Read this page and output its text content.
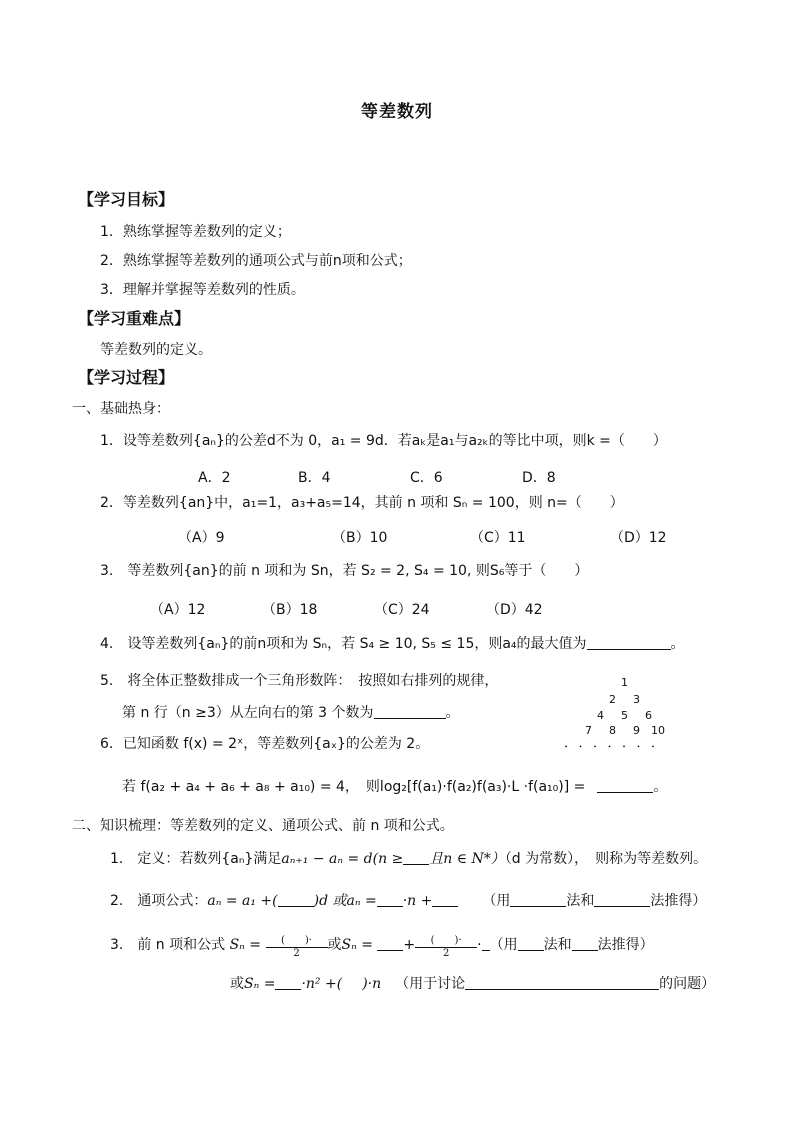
等差数列
【学习目标】
1．熟练掌握等差数列的定义；
2．熟练掌握等差数列的通项公式与前n项和公式；
3．理解并掌握等差数列的性质。
【学习重难点】
等差数列的定义。
【学习过程】
一、基础热身：
1．设等差数列{aₙ}的公差d不为 0，a₁ = 9d．若aₖ是a₁与a₂ₖ的等比中项，则k =（　　）
A．2	B．4	C．6	D．8
2．等差数列{an}中，a₁=1，a₃+a₅=14，其前 n 项和 Sₙ = 100，则 n=（　　）
（A）9	（B）10	（C）11	（D）12
3.　等差数列{an}的前 n 项和为 Sn，若 S₂ = 2, S₄ = 10, 则S₆等于（　　）
（A）12	（B）18	（C）24	（D）42
4.　设等差数列{aₙ}的前n项和为 Sₙ，若 S₄ ≥ 10, S₅ ≤ 15，则a₄的最大值为	。
5.　将全体正整数排成一个三角形数阵：　按照如右排列的规律，
第 n 行（n ≥3）从左向右的第 3 个数为	。
1
2 3
4 5 6
7 8 9 10
．．．．．．．
6．已知函数 f(x) = 2ˣ，等差数列{aₓ}的公差为 2。
若 f(a₂ + a₄ + a₆ + a₈ + a₁₀) = 4，　则log₂[f(a₁)·f(a₂)f(a₃)·L ·f(a₁₀)] =	。
二、知识梳理：等差数列的定义、通项公式、前 n 项和公式。
1.　定义：若数列{aₙ}满足aₙ₊₁ − aₙ = d(n ≥ 且n ∈ N*）（d 为常数），　则称为等差数列。
2.　通项公式：aₙ = a₁ +(	)d 或aₙ = ·n +	（用	法和	法推得）
3.　前 n 项和公式 $S_n = \frac{( )\cdot}{2}$ 或Sₙ = + $\frac{( )\cdot}{2}$ · （用 法和 法推得）
或Sₙ = ·n² +( )·n （用于讨论	的问题）
